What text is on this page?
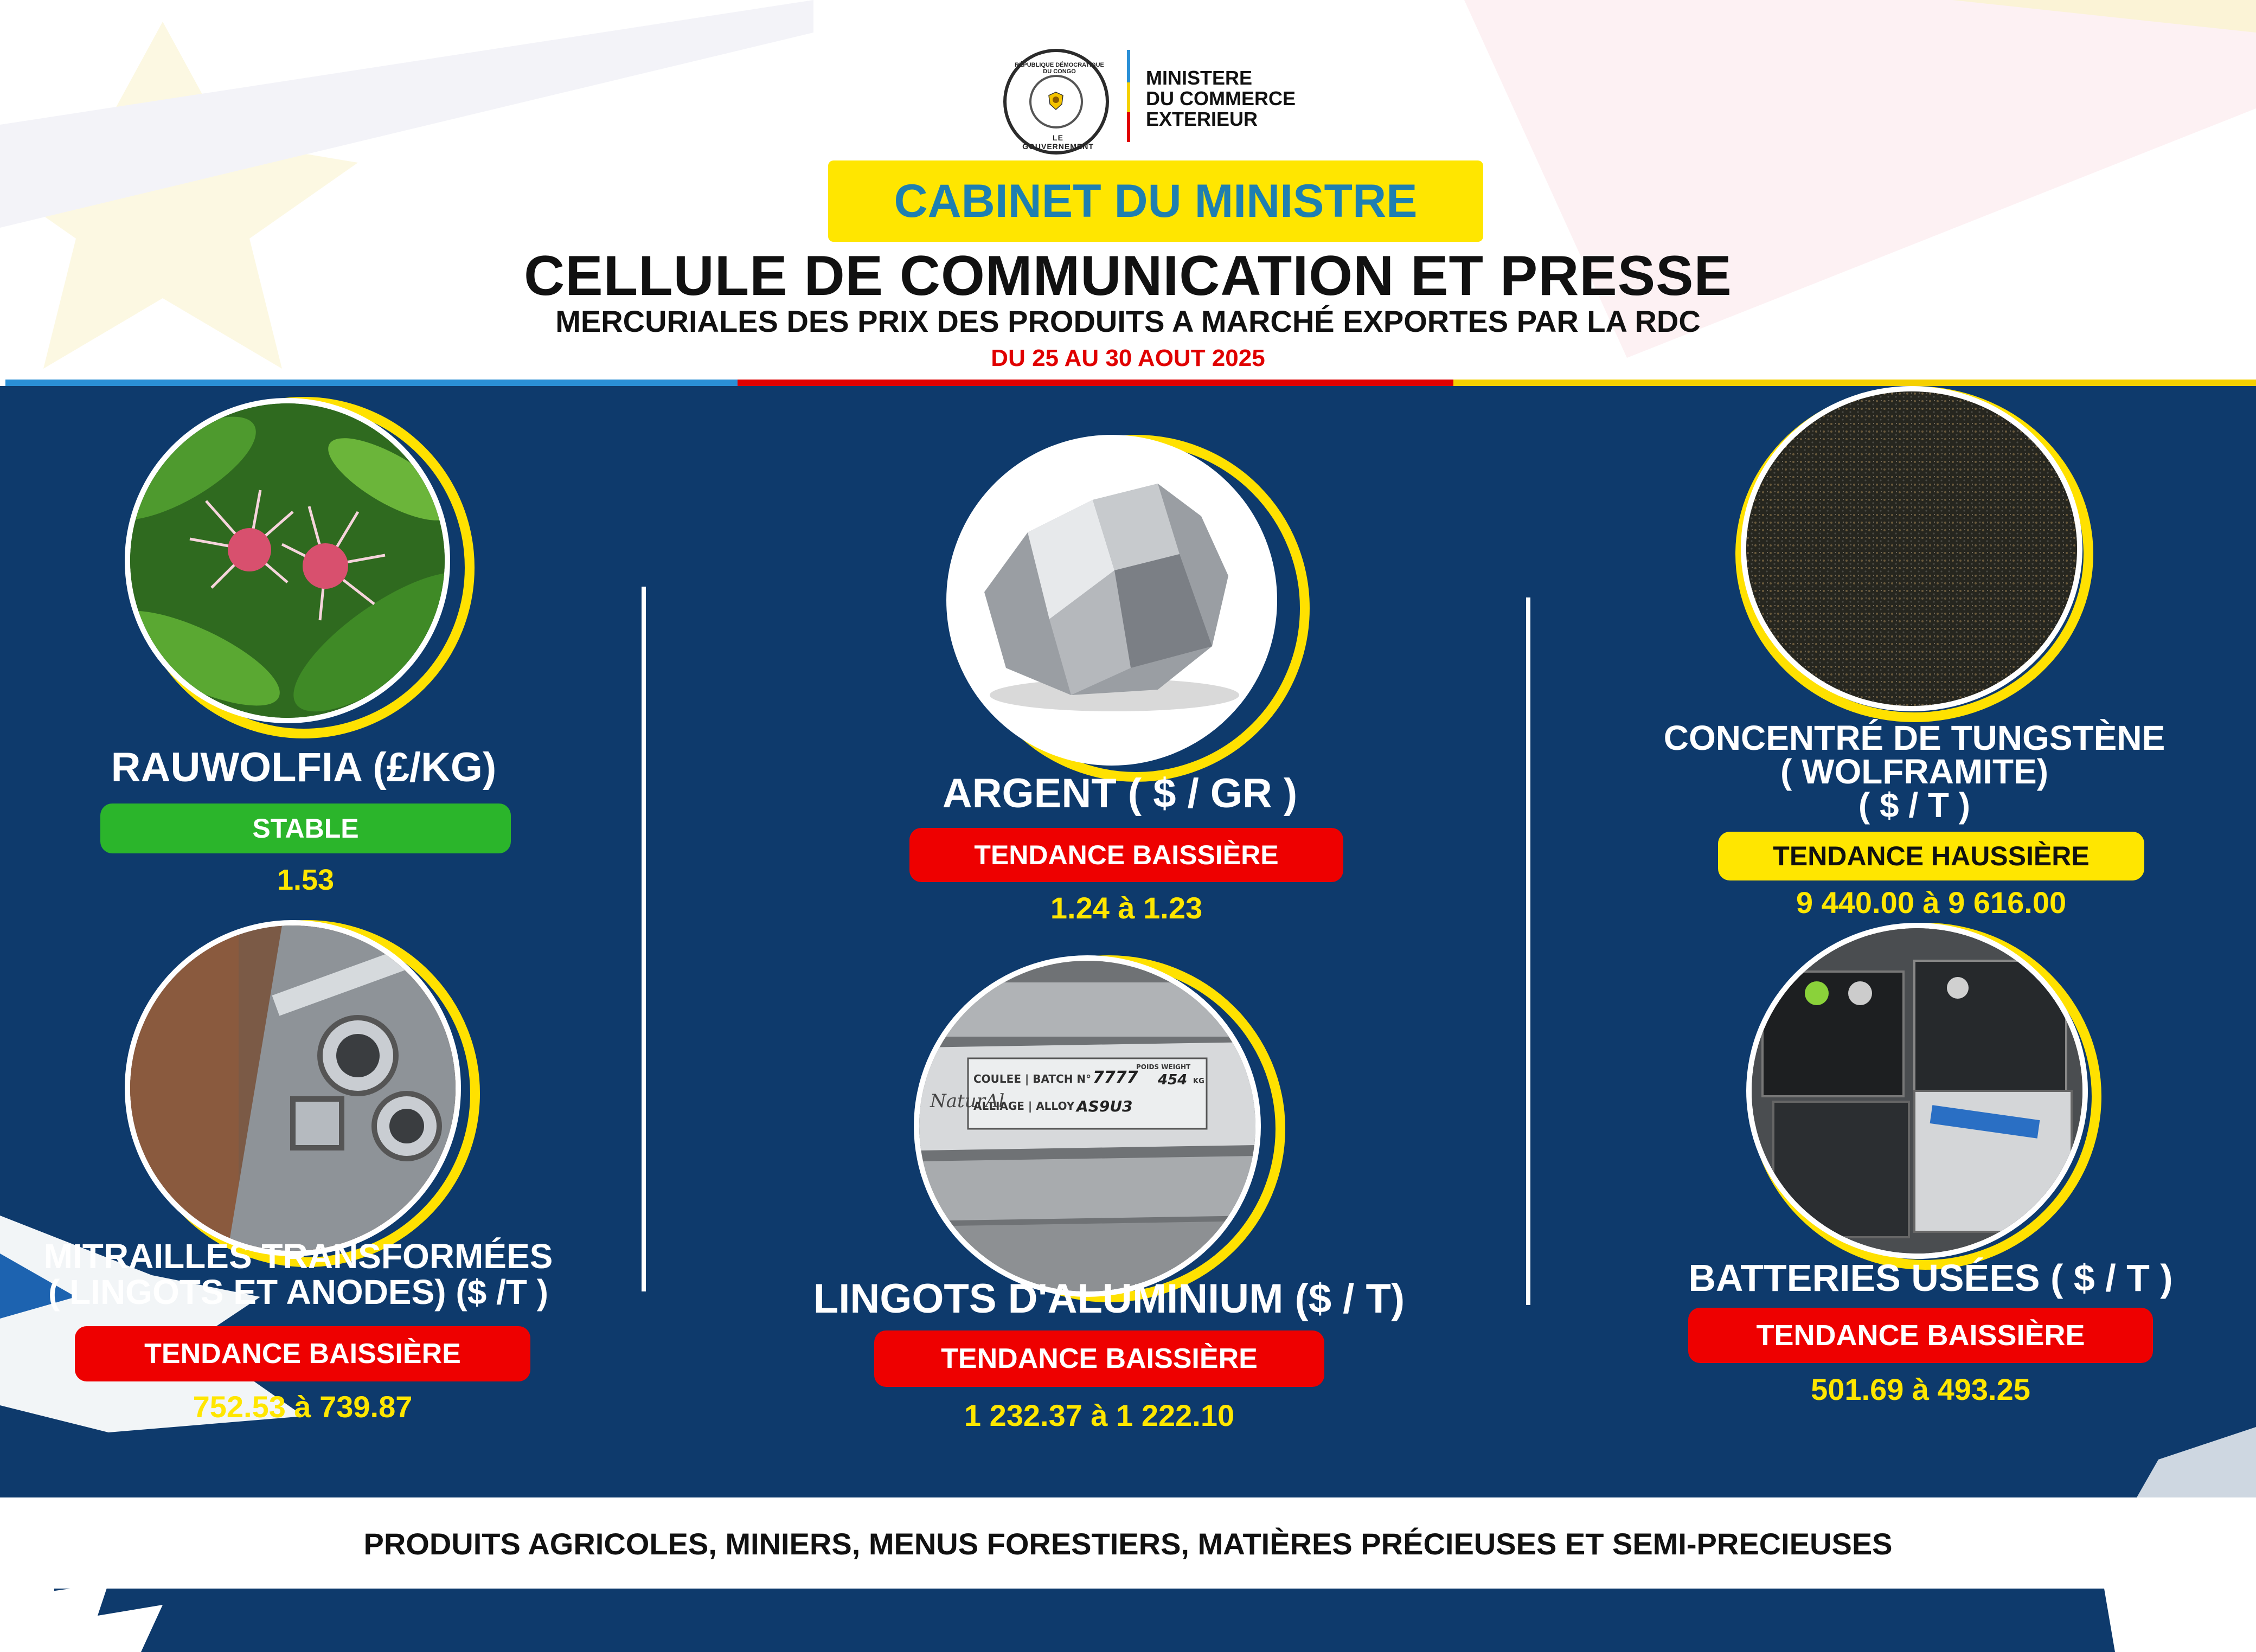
RÉPUBLIQUE DÉMOCRATIQUE DU CONGO
LE GOUVERNEMENT
MINISTERE
DU COMMERCE
EXTERIEUR
CABINET DU MINISTRE
CELLULE DE COMMUNICATION ET PRESSE
MERCURIALES DES PRIX DES PRODUITS A MARCHÉ EXPORTES PAR LA RDC
DU 25 AU 30 AOUT 2025
RAUWOLFIA (£/KG)
STABLE
1.53
ARGENT ( $ / GR )
TENDANCE BAISSIÈRE
1.24 à 1.23
CONCENTRÉ DE TUNGSTÈNE
( WOLFRAMITE)
( $ / T )
TENDANCE HAUSSIÈRE
9 440.00 à 9 616.00
MITRAILLES TRANSFORMÉES
( LINGOTS ET ANODES) ($ /T )
TENDANCE BAISSIÈRE
752.53 à 739.87
COULEE | BATCH N° 7777
ALLIAGE | ALLOY :
AS9U3
POIDS WEIGHT
454 KG
NaturAl
LINGOTS D'ALUMINIUM ($ / T)
TENDANCE BAISSIÈRE
1 232.37 à 1 222.10
BATTERIES USÉES ( $ / T )
TENDANCE BAISSIÈRE
501.69 à 493.25
PRODUITS AGRICOLES, MINIERS, MENUS FORESTIERS, MATIÈRES PRÉCIEUSES ET SEMI-PRECIEUSES
